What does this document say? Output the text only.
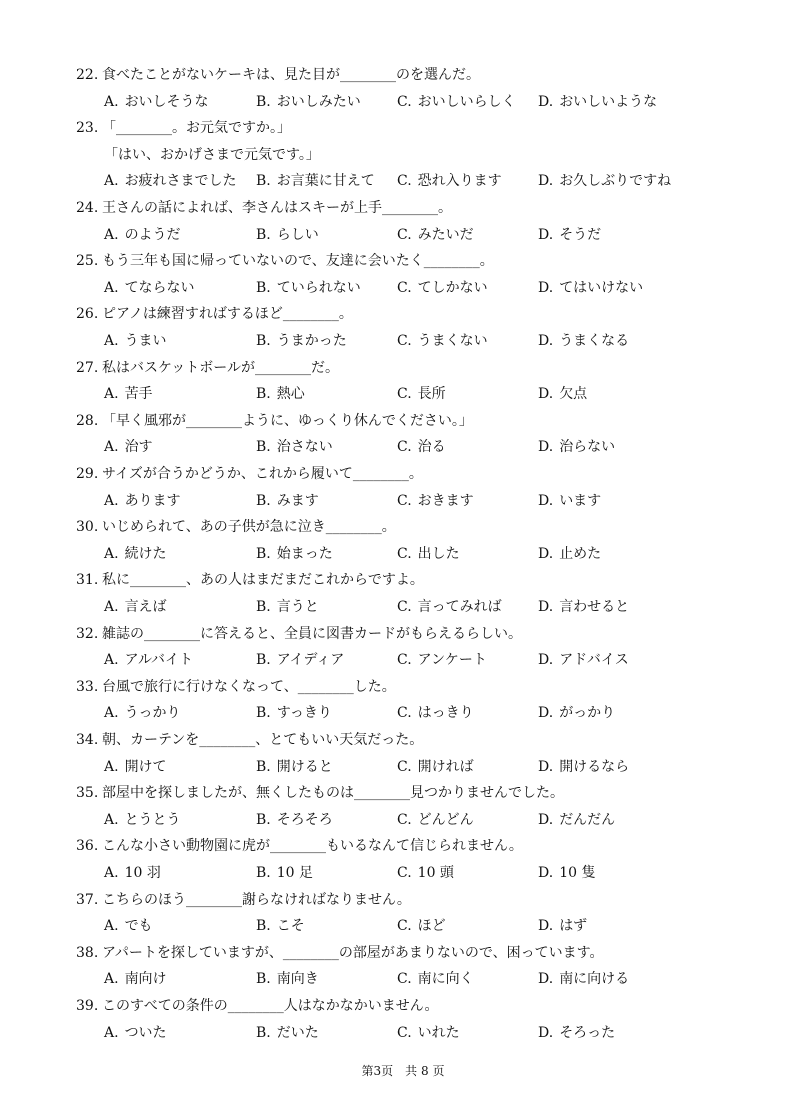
22. 食べたことがないケーキは、見た目が________のを選んだ。
A. おいしそうな	B. おいしみたい	C. おいしいらしく D. おいしいような
23. 「________。お元気ですか。」
「はい、おかげさまで元気です。」
A. お疲れさまでした B. お言葉に甘えて C. 恐れ入ります	D. お久しぶりですね
24. 王さんの話によれば、李さんはスキーが上手________。
A. のようだ	B. らしい	C. みたいだ	D. そうだ
25. もう三年も国に帰っていないので、友達に会いたく________。
A. てならない	B. ていられない	C. てしかない	D. てはいけない
26. ピアノは練習すればするほど________。
A. うまい	B. うまかった	C. うまくない	D. うまくなる
27. 私はバスケットボールが________だ。
A. 苦手	B. 熱心	C. 長所	D. 欠点
28. 「早く風邪が________ように、ゆっくり休んでください。」
A. 治す	B. 治さない	C. 治る	D. 治らない
29. サイズが合うかどうか、これから履いて________。
A. あります	B. みます	C. おきます	D. います
30. いじめられて、あの子供が急に泣き________。
A. 続けた	B. 始まった	C. 出した	D. 止めた
31. 私に________、あの人はまだまだこれからですよ。
A. 言えば	B. 言うと	C. 言ってみれば	D. 言わせると
32. 雑誌の________に答えると、全員に図書カードがもらえるらしい。
A. アルバイト	B. アイディア	C. アンケート	D. アドバイス
33. 台風で旅行に行けなくなって、________した。
A. うっかり	B. すっきり	C. はっきり	D. がっかり
34. 朝、カーテンを________、とてもいい天気だった。
A. 開けて	B. 開けると	C. 開ければ	D. 開けるなら
35. 部屋中を探しましたが、無くしたものは________見つかりませんでした。
A. とうとう	B. そろそろ	C. どんどん	D. だんだん
36. こんな小さい動物園に虎が________もいるなんて信じられません。
A. 10 羽	B. 10 足	C. 10 頭	D. 10 隻
37. こちらのほう________謝らなければなりません。
A. でも	B. こそ	C. ほど	D. はず
38. アパートを探していますが、________の部屋があまりないので、困っています。
A. 南向け	B. 南向き	C. 南に向く	D. 南に向ける
39. このすべての条件の________人はなかなかいません。
A. ついた	B. だいた	C. いれた	D. そろった
第3页　共 8 页
